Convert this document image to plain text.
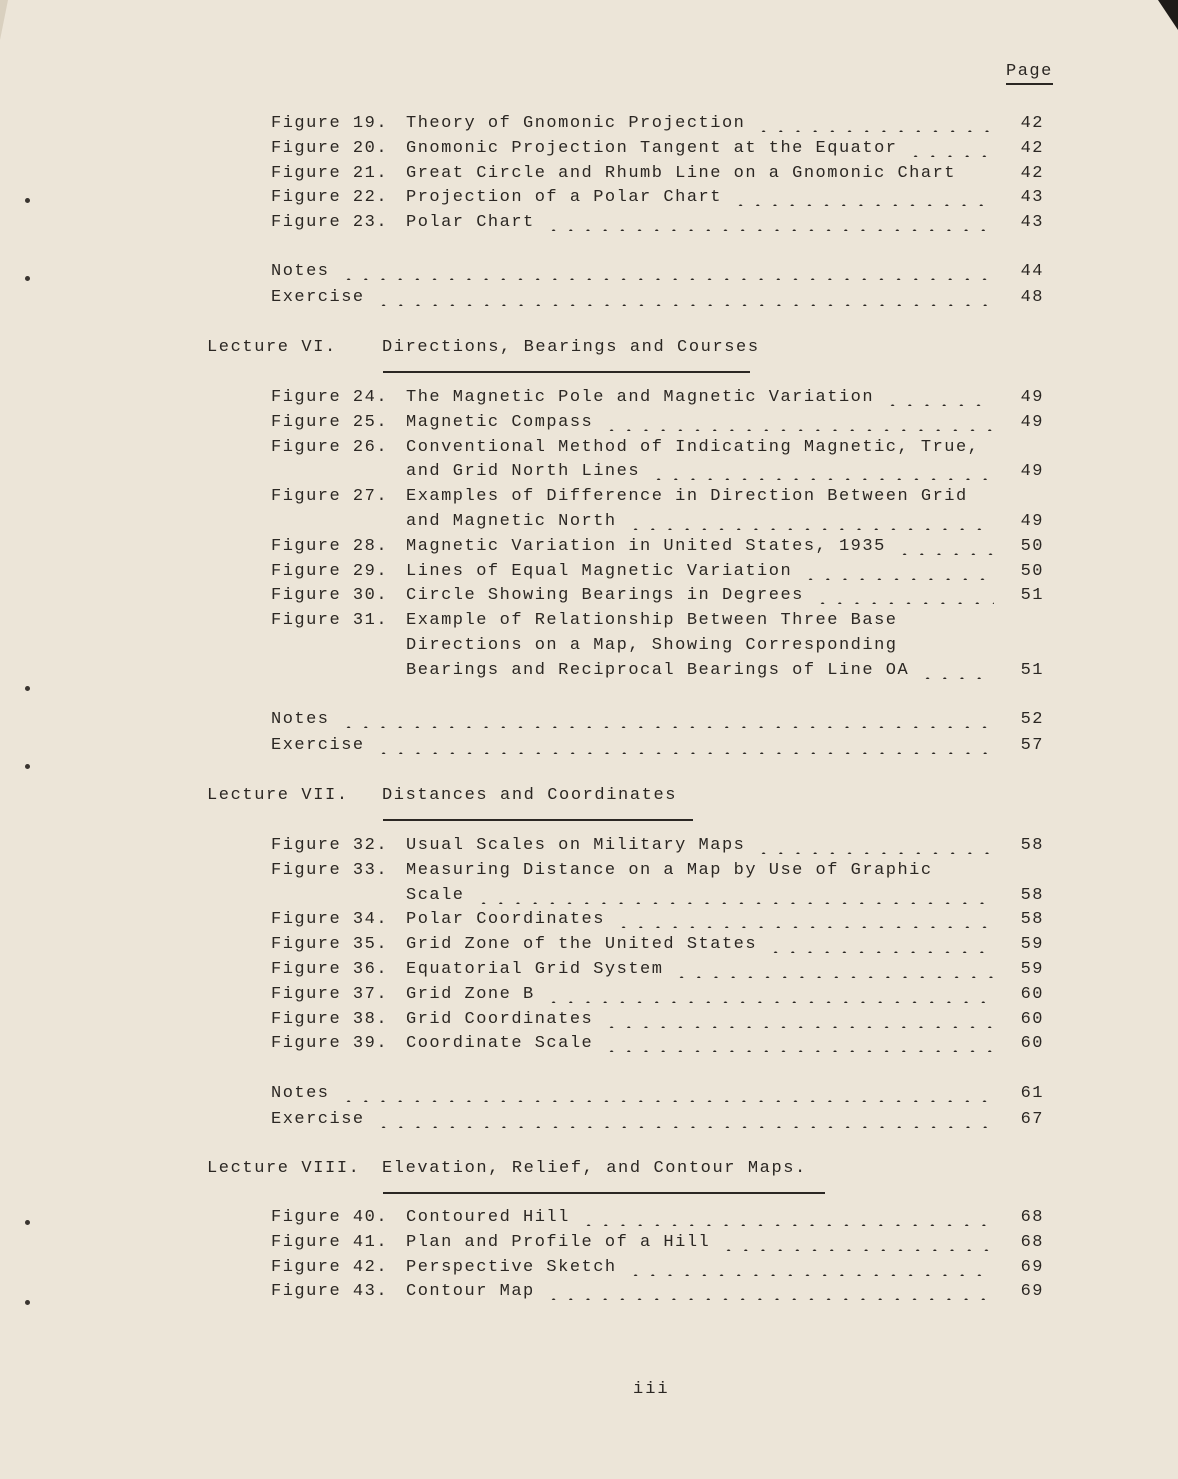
Page
Figure 19. Theory of Gnomonic Projection	42
Figure 20. Gnomonic Projection Tangent at the Equator	42
Figure 21. Great Circle and Rhumb Line on a Gnomonic Chart	42
Figure 22. Projection of a Polar Chart	43
Figure 23. Polar Chart	43
Notes	44
Exercise	48
Lecture VI.	Directions, Bearings and Courses
Figure 24. The Magnetic Pole and Magnetic Variation	49
Figure 25. Magnetic Compass	49
Figure 26. Conventional Method of Indicating Magnetic, True,
and Grid North Lines	49
Figure 27. Examples of Difference in Direction Between Grid
and Magnetic North	49
Figure 28. Magnetic Variation in United States, 1935	50
Figure 29. Lines of Equal Magnetic Variation	50
Figure 30. Circle Showing Bearings in Degrees	51
Figure 31. Example of Relationship Between Three Base
Directions on a Map, Showing Corresponding
Bearings and Reciprocal Bearings of Line OA	51
Notes	52
Exercise	57
Lecture VII. Distances and Coordinates
Figure 32. Usual Scales on Military Maps	58
Figure 33. Measuring Distance on a Map by Use of Graphic
Scale	58
Figure 34. Polar Coordinates	58
Figure 35. Grid Zone of the United States	59
Figure 36. Equatorial Grid System	59
Figure 37. Grid Zone B	60
Figure 38. Grid Coordinates	60
Figure 39. Coordinate Scale	60
Notes	61
Exercise	67
Lecture VIII. Elevation, Relief, and Contour Maps.
Figure 40. Contoured Hill	68
Figure 41. Plan and Profile of a Hill	68
Figure 42. Perspective Sketch	69
Figure 43. Contour Map	69
iii
